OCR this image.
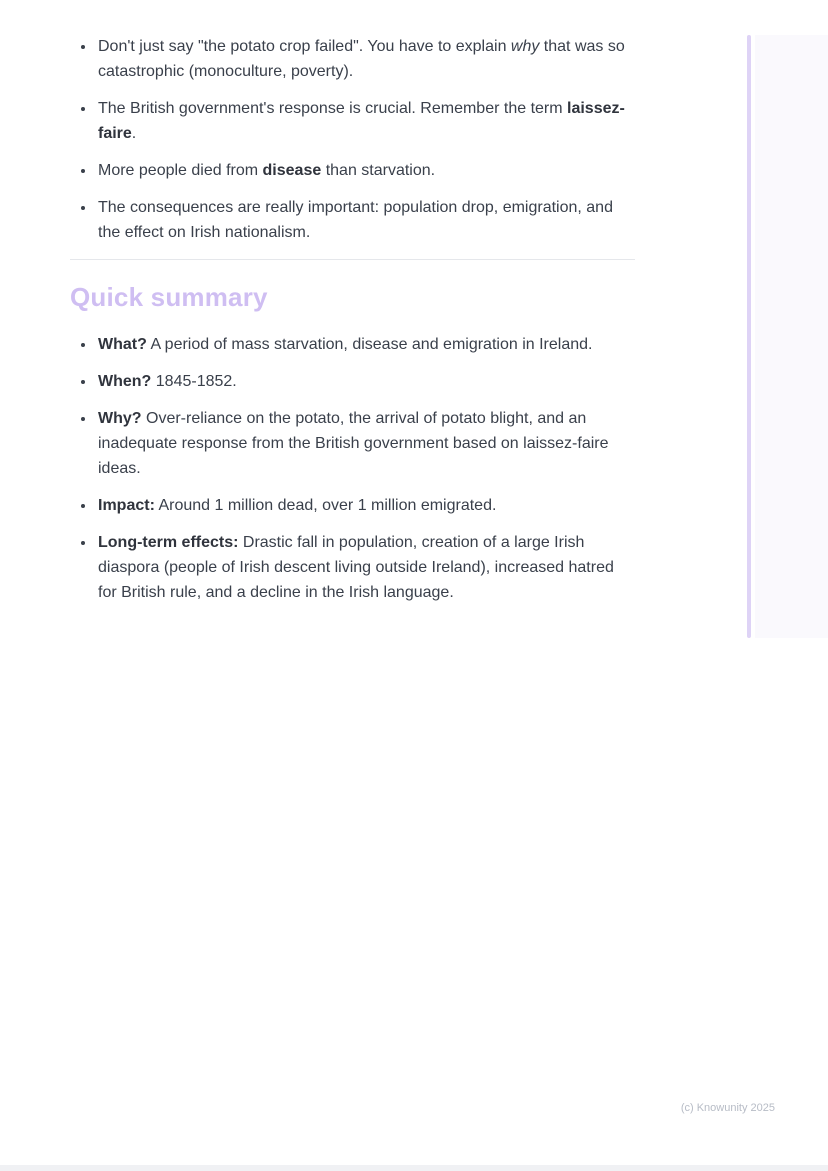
• Don't just say "the potato crop failed". You have to explain why that was so catastrophic (monoculture, poverty).
• The British government's response is crucial. Remember the term laissez-faire.
• More people died from disease than starvation.
• The consequences are really important: population drop, emigration, and the effect on Irish nationalism.
Quick summary
• What? A period of mass starvation, disease and emigration in Ireland.
• When? 1845-1852.
• Why? Over-reliance on the potato, the arrival of potato blight, and an inadequate response from the British government based on laissez-faire ideas.
• Impact: Around 1 million dead, over 1 million emigrated.
• Long-term effects: Drastic fall in population, creation of a large Irish diaspora (people of Irish descent living outside Ireland), increased hatred for British rule, and a decline in the Irish language.
(c) Knowunity 2025
